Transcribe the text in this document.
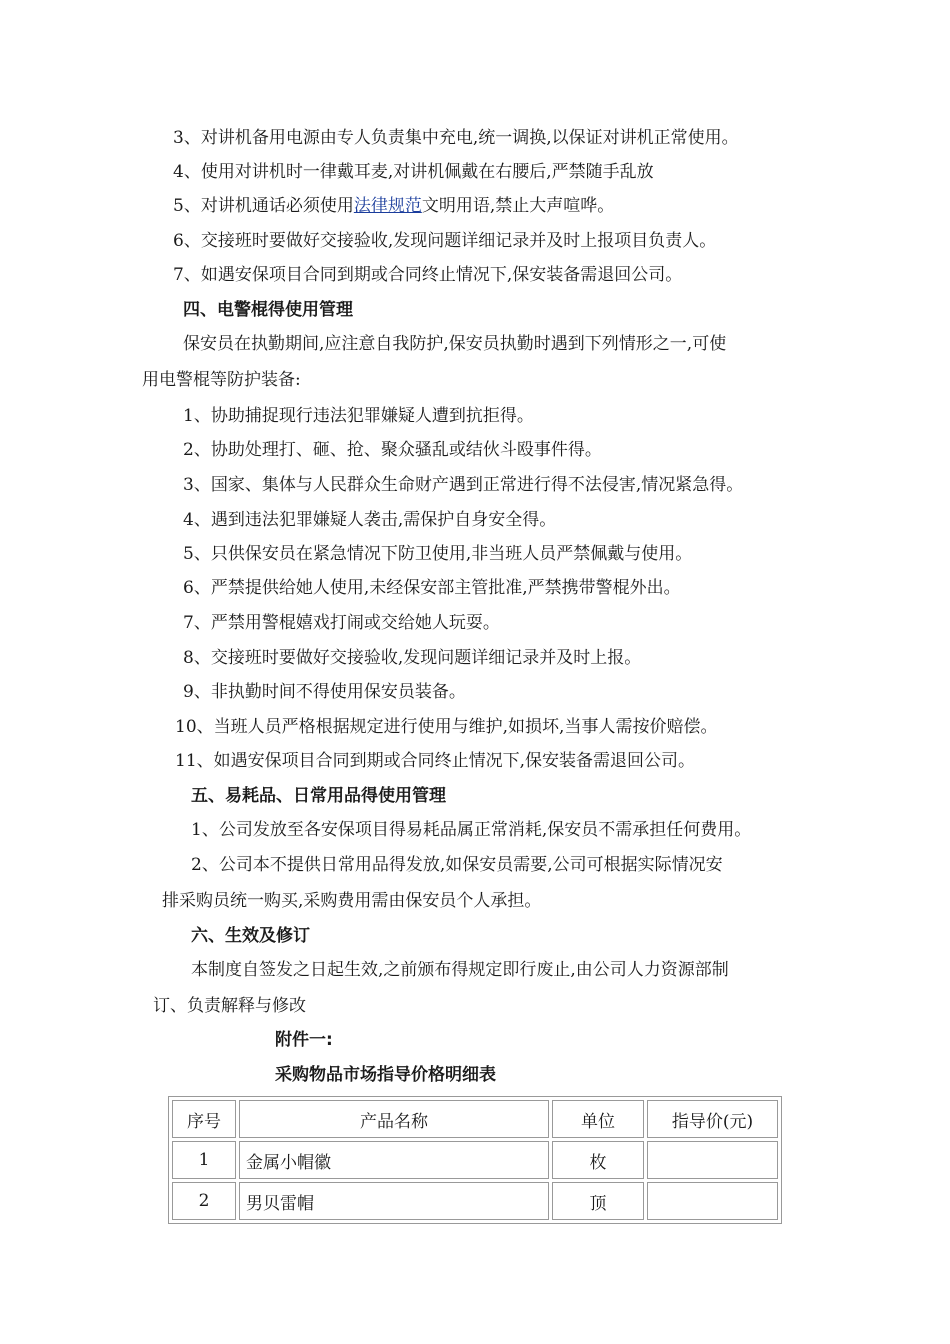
3、对讲机备用电源由专人负责集中充电,统一调换,以保证对讲机正常使用。
4、使用对讲机时一律戴耳麦,对讲机佩戴在右腰后,严禁随手乱放
5、对讲机通话必须使用法律规范文明用语,禁止大声喧哗。
6、交接班时要做好交接验收,发现问题详细记录并及时上报项目负责人。
7、如遇安保项目合同到期或合同终止情况下,保安装备需退回公司。
四、电警棍得使用管理
保安员在执勤期间,应注意自我防护,保安员执勤时遇到下列情形之一,可使
用电警棍等防护装备:
1、协助捕捉现行违法犯罪嫌疑人遭到抗拒得。
2、协助处理打、砸、抢、聚众骚乱或结伙斗殴事件得。
3、国家、集体与人民群众生命财产遇到正常进行得不法侵害,情况紧急得。
4、遇到违法犯罪嫌疑人袭击,需保护自身安全得。
5、只供保安员在紧急情况下防卫使用,非当班人员严禁佩戴与使用。
6、严禁提供给她人使用,未经保安部主管批准,严禁携带警棍外出。
7、严禁用警棍嬉戏打闹或交给她人玩耍。
8、交接班时要做好交接验收,发现问题详细记录并及时上报。
9、非执勤时间不得使用保安员装备。
10、当班人员严格根据规定进行使用与维护,如损坏,当事人需按价赔偿。
11、如遇安保项目合同到期或合同终止情况下,保安装备需退回公司。
五、易耗品、日常用品得使用管理
1、公司发放至各安保项目得易耗品属正常消耗,保安员不需承担任何费用。
2、公司本不提供日常用品得发放,如保安员需要,公司可根据实际情况安
排采购员统一购买,采购费用需由保安员个人承担。
六、生效及修订
本制度自签发之日起生效,之前颁布得规定即行废止,由公司人力资源部制
订、负责解释与修改
附件一:
采购物品市场指导价格明细表
序号	产品名称	单位	指导价(元)
1	金属小帽徽	枚	
2	男贝雷帽	顶	
